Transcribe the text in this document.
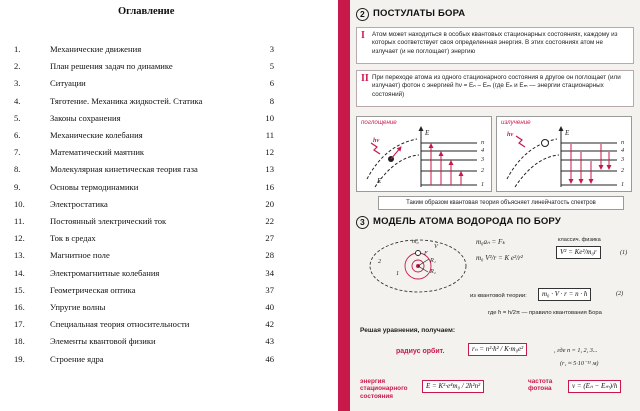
Оглавление
1.	Механические движения	3
2.	План решения задач по динамике	5
3.	Ситуации	6
4.	Тяготение. Механика жидкостей. Статика	8
5.	Законы сохранения	10
6.	Механические колебания	11
7.	Математический маятник	12
8.	Молекулярная кинетическая теория газа	13
9.	Основы термодинамики	16
10.	Электростатика	20
11.	Постоянный электрический ток	22
12.	Ток в средах	27
13.	Магнитное поле	28
14.	Электромагнитные колебания	34
15.	Геометрическая оптика	37
16.	Упругие волны	40
17.	Специальная теория относительности	42
18.	Элементы квантовой физики	43
19.	Строение ядра	46
2 ПОСТУЛАТЫ БОРА
I Атом может находиться в особых квантовых стационарных состояниях, каждому из которых соответствует своя определенная энергия. В этих состояниях атом не излучает (и не поглощает) энергию
II При переходе атома из одного стационарного состояния в другое он поглощает (или излучает) фотон с энергией hν = Eₙ – Eₘ (где Eₙ и Eₘ — энергии стационарных состояний)
поглощение
hν
E
E
n
4
3
2
1
излучение
hν	E
n
4
3
2
1
Таким образом квантовая теория объясняет линейчатость спектров
3 МОДЕЛЬ АТОМА ВОДОРОДА ПО БОРУ
2
1
R₁
R₂
m₀
V
F
m₀aₙ = Fₖ
m₀ V²/r = K e²/r²
классич. физика
V² = Ke²/m₀r	(1)
из квантовой теории:	m₀ · V · r = n · ħ	(2)
где ħ = h/2π — правило квантования Бора
Решая уравнения, получаем:
радиус орбит.	rₙ = n²·ħ² / K·m₀e²	, где n = 1, 2, 3...
(r₁ ≈ 5·10⁻¹¹ м)
энергия стационарного состояния
E = K²·e⁴m₀ / 2ħ²n²
частота фотона	ν = (Eₙ − Eₘ)/h
